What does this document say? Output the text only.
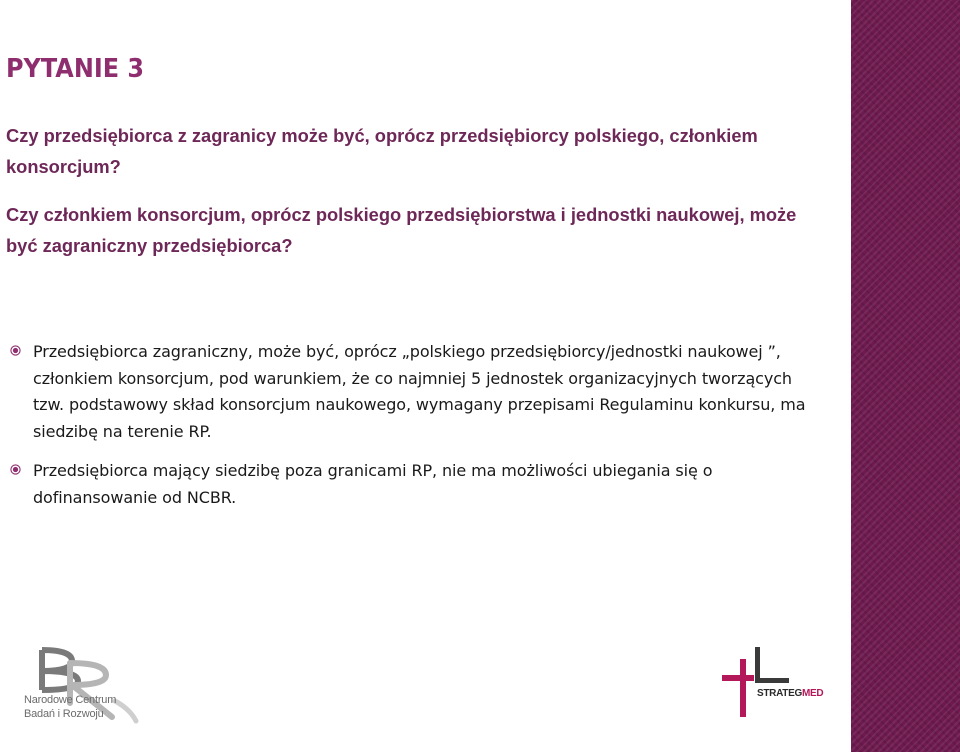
PYTANIE 3

Czy przedsiębiorca z zagranicy może być, oprócz przedsiębiorcy polskiego, członkiem konsorcjum?

Czy członkiem konsorcjum, oprócz polskiego przedsiębiorstwa i jednostki naukowej, może być zagraniczny przedsiębiorca?

Przedsiębiorca zagraniczny, może być, oprócz „polskiego przedsiębiorcy/jednostki naukowej ”, członkiem konsorcjum, pod warunkiem, że co najmniej 5 jednostek organizacyjnych tworzących tzw. podstawowy skład konsorcjum naukowego, wymagany przepisami Regulaminu konkursu, ma siedzibę na terenie RP.
Przedsiębiorca mający siedzibę poza granicami RP, nie ma możliwości ubiegania się o dofinansowanie od NCBR.

Narodowe Centrum
Badań i Rozwoju

STRATEGMED
